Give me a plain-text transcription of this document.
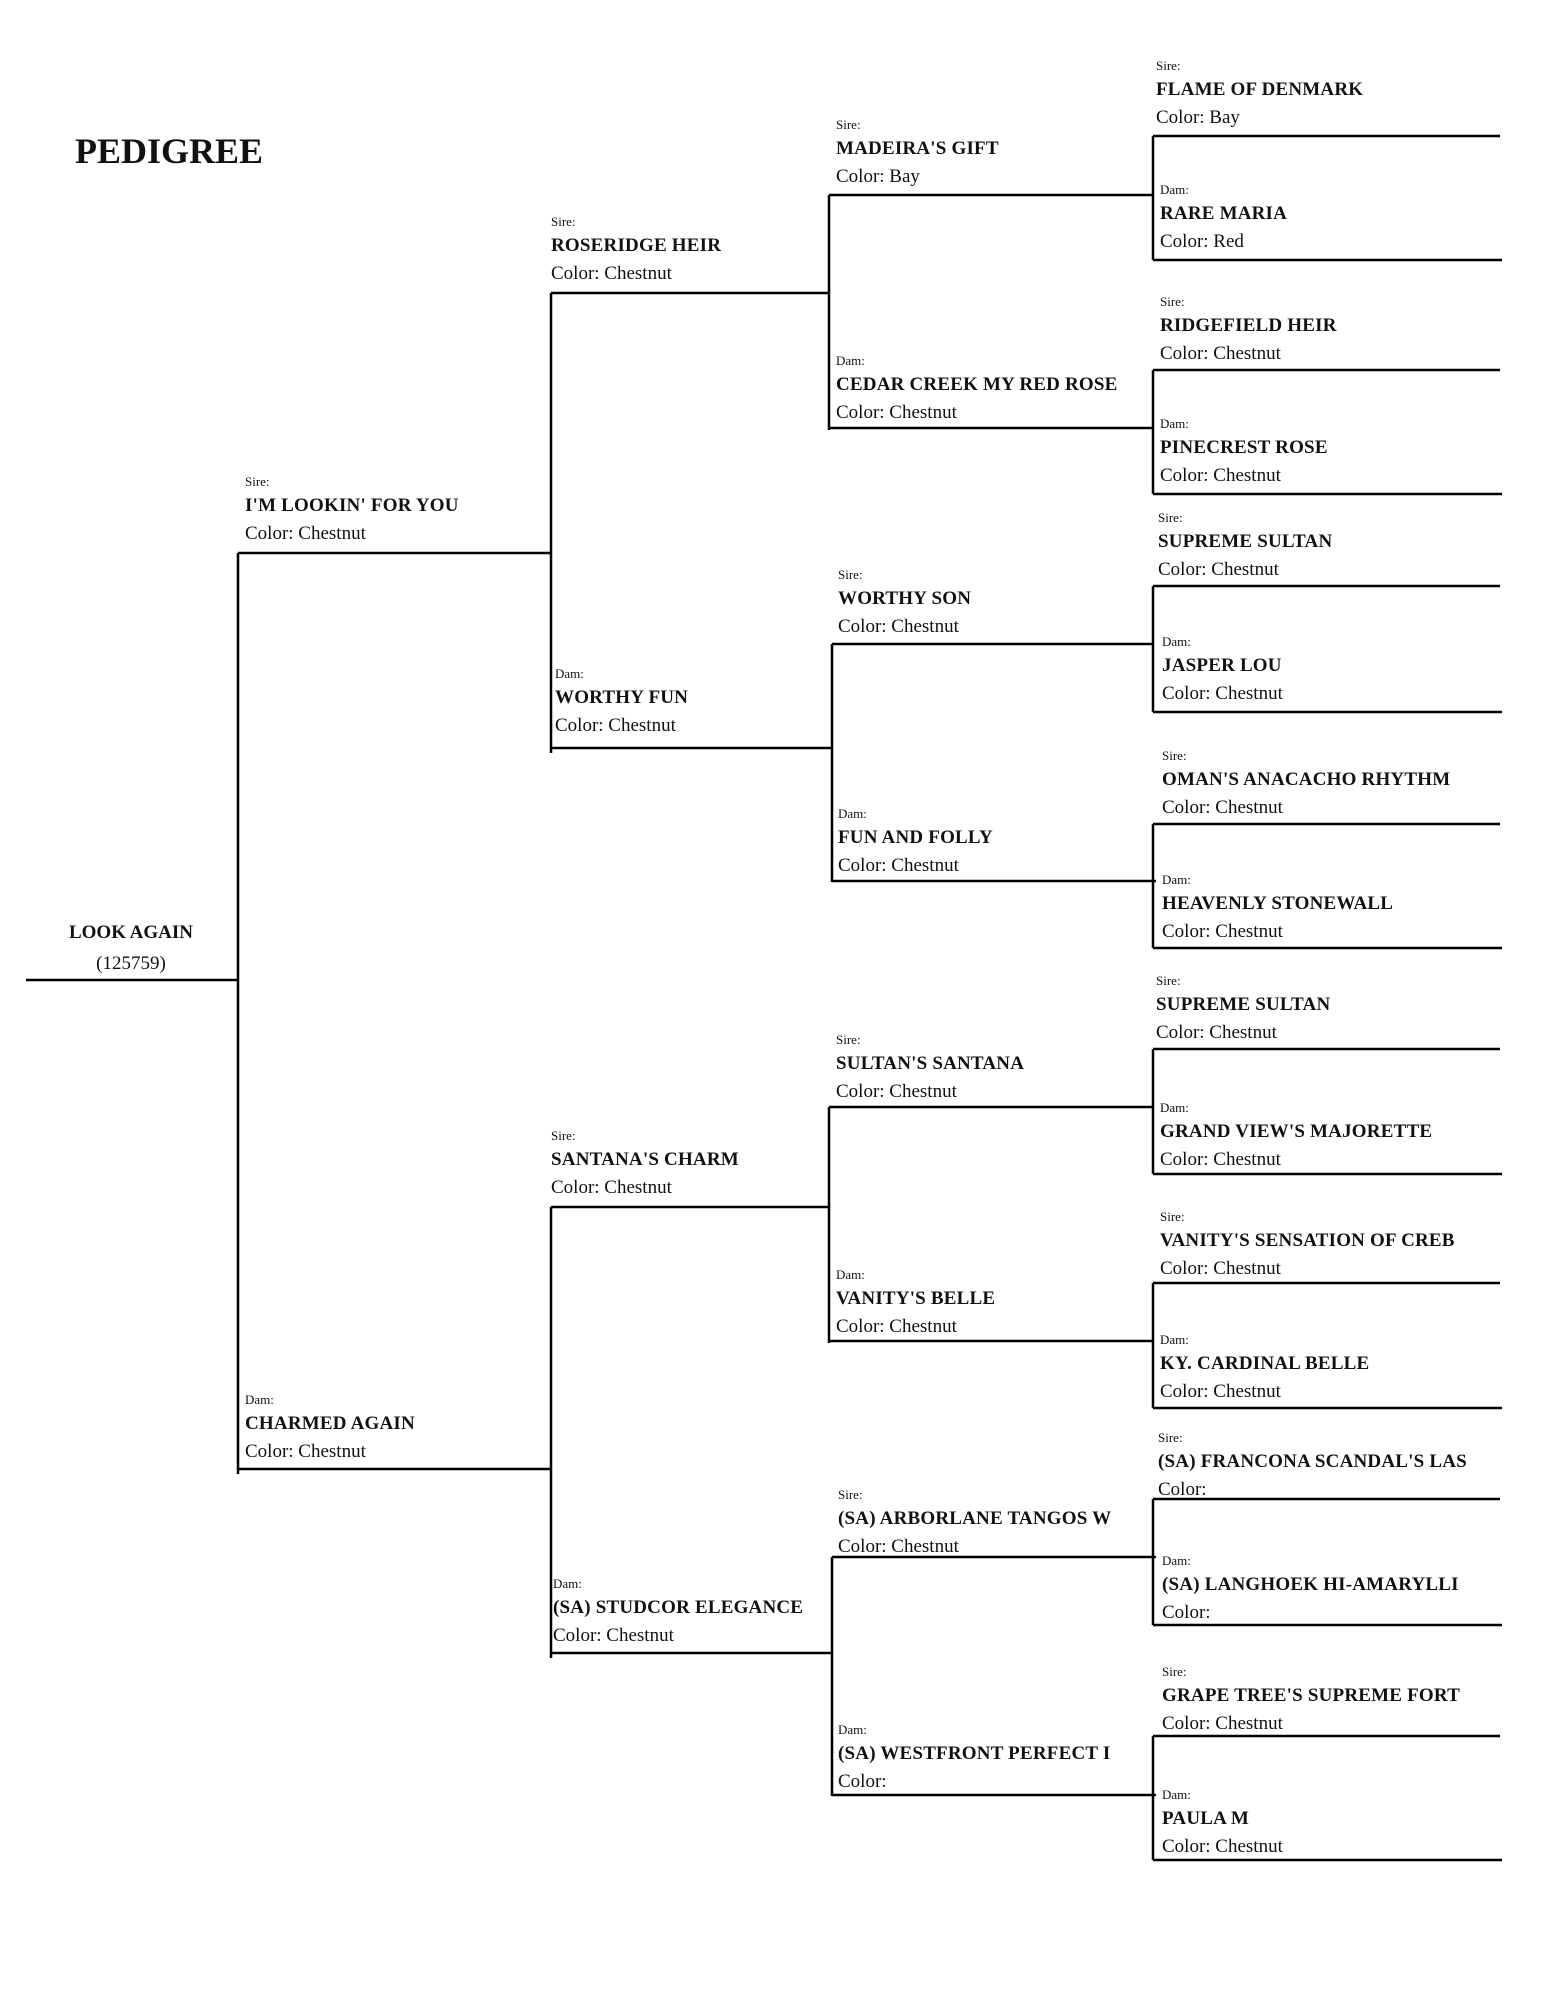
PEDIGREE
LOOK AGAIN
(125759)
Sire:
I'M LOOKIN' FOR YOU
Color: Chestnut
Dam:
CHARMED AGAIN
Color: Chestnut
Sire:
ROSERIDGE HEIR
Color: Chestnut
Dam:
WORTHY FUN
Color: Chestnut
Sire:
SANTANA'S CHARM
Color: Chestnut
Dam:
(SA) STUDCOR ELEGANCE
Color: Chestnut
Sire:
MADEIRA'S GIFT
Color: Bay
Dam:
CEDAR CREEK MY RED ROSE
Color: Chestnut
Sire:
WORTHY SON
Color: Chestnut
Dam:
FUN AND FOLLY
Color: Chestnut
Sire:
SULTAN'S SANTANA
Color: Chestnut
Dam:
VANITY'S BELLE
Color: Chestnut
Sire:
(SA) ARBORLANE TANGOS W
Color: Chestnut
Dam:
(SA) WESTFRONT PERFECT I
Color:
Sire:
FLAME OF DENMARK
Color: Bay
Dam:
RARE MARIA
Color: Red
Sire:
RIDGEFIELD HEIR
Color: Chestnut
Dam:
PINECREST ROSE
Color: Chestnut
Sire:
SUPREME SULTAN
Color: Chestnut
Dam:
JASPER LOU
Color: Chestnut
Sire:
OMAN'S ANACACHO RHYTHM
Color: Chestnut
Dam:
HEAVENLY STONEWALL
Color: Chestnut
Sire:
SUPREME SULTAN
Color: Chestnut
Dam:
GRAND VIEW'S MAJORETTE
Color: Chestnut
Sire:
VANITY'S SENSATION OF CREB
Color: Chestnut
Dam:
KY. CARDINAL BELLE
Color: Chestnut
Sire:
(SA) FRANCONA SCANDAL'S LAS
Color:
Dam:
(SA) LANGHOEK HI-AMARYLLI
Color:
Sire:
GRAPE TREE'S SUPREME FORT
Color: Chestnut
Dam:
PAULA M
Color: Chestnut
